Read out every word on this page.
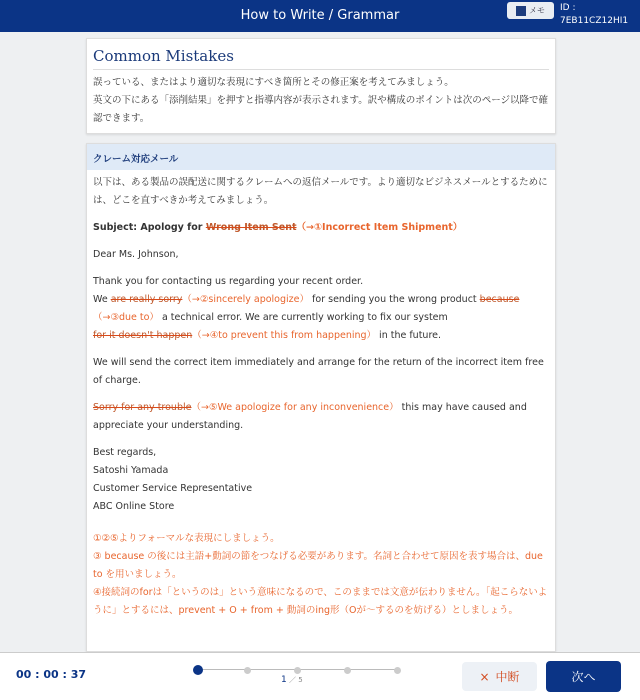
How to Write / Grammar	メモ ID :
7EB11CZ12HI1
Common Mistakes

誤っている、またはより適切な表現にすべき箇所とその修正案を考えてみましょう。

英文の下にある「添削結果」を押すと指導内容が表示されます。訳や構成のポイントは次のページ以降で確認できます。

クレーム対応メール

以下は、ある製品の誤配送に関するクレームへの返信メールです。より適切なビジネスメールとするためには、どこを直すべきか考えてみましょう。

Subject: Apology for Wrong Item Sent（→①Incorrect Item Shipment）

Dear Ms. Johnson,

Thank you for contacting us regarding your recent order.
We are really sorry（→②sincerely apologize） for sending you the wrong product because
（→③due to） a technical error. We are currently working to fix our system
for it doesn't happen（→④to prevent this from happening） in the future.

We will send the correct item immediately and arrange for the return of the incorrect item free of charge.

Sorry for any trouble（→⑤We apologize for any inconvenience） this may have caused and appreciate your understanding.

Best regards,
Satoshi Yamada
Customer Service Representative
ABC Online Store

①②⑤よりフォーマルな表現にしましょう。
③ because の後には主語+動詞の節をつなげる必要があります。名詞と合わせて原因を表す場合は、due to を用いましょう。
④接続詞のforは「というのは」という意味になるので、このままでは文意が伝わりません。「起こらないように」とするには、prevent + O + from + 動詞のing形（Oが～するのを妨げる）としましょう。
00 : 00 : 37	1 ／ 5	× 中断	次へ
